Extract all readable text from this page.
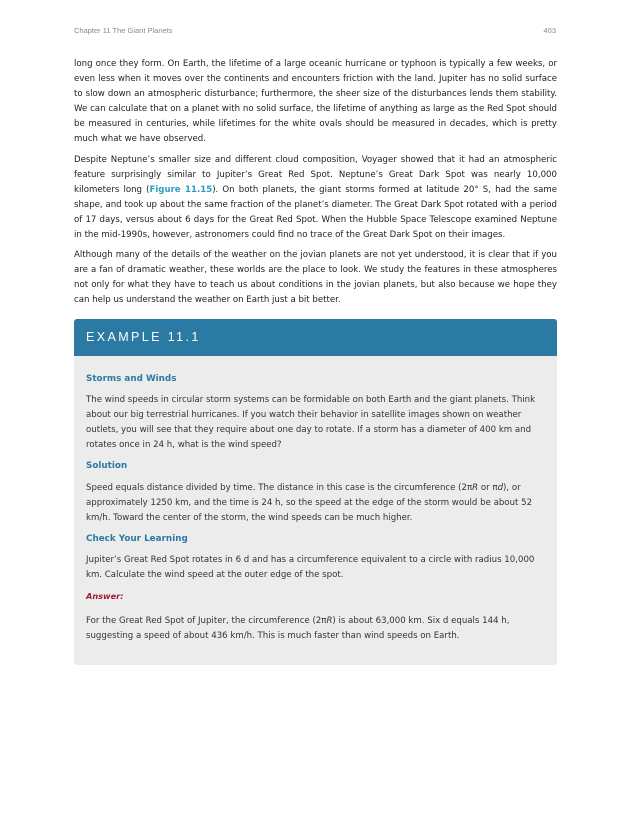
Chapter 11 The Giant Planets	403

long once they form. On Earth, the lifetime of a large oceanic hurricane or typhoon is typically a few weeks, or even less when it moves over the continents and encounters friction with the land. Jupiter has no solid surface to slow down an atmospheric disturbance; furthermore, the sheer size of the disturbances lends them stability. We can calculate that on a planet with no solid surface, the lifetime of anything as large as the Red Spot should be measured in centuries, while lifetimes for the white ovals should be measured in decades, which is pretty much what we have observed.

Despite Neptune’s smaller size and different cloud composition, Voyager showed that it had an atmospheric feature surprisingly similar to Jupiter’s Great Red Spot. Neptune’s Great Dark Spot was nearly 10,000 kilometers long (Figure 11.15). On both planets, the giant storms formed at latitude 20° S, had the same shape, and took up about the same fraction of the planet’s diameter. The Great Dark Spot rotated with a period of 17 days, versus about 6 days for the Great Red Spot. When the Hubble Space Telescope examined Neptune in the mid-1990s, however, astronomers could find no trace of the Great Dark Spot on their images.

Although many of the details of the weather on the jovian planets are not yet understood, it is clear that if you are a fan of dramatic weather, these worlds are the place to look. We study the features in these atmospheres not only for what they have to teach us about conditions in the jovian planets, but also because we hope they can help us understand the weather on Earth just a bit better.

EXAMPLE 11.1
Storms and Winds
The wind speeds in circular storm systems can be formidable on both Earth and the giant planets. Think about our big terrestrial hurricanes. If you watch their behavior in satellite images shown on weather outlets, you will see that they require about one day to rotate. If a storm has a diameter of 400 km and rotates once in 24 h, what is the wind speed?
Solution
Speed equals distance divided by time. The distance in this case is the circumference (2πR or πd), or approximately 1250 km, and the time is 24 h, so the speed at the edge of the storm would be about 52 km/h. Toward the center of the storm, the wind speeds can be much higher.
Check Your Learning
Jupiter’s Great Red Spot rotates in 6 d and has a circumference equivalent to a circle with radius 10,000 km. Calculate the wind speed at the outer edge of the spot.
Answer:
For the Great Red Spot of Jupiter, the circumference (2πR) is about 63,000 km. Six d equals 144 h, suggesting a speed of about 436 km/h. This is much faster than wind speeds on Earth.
